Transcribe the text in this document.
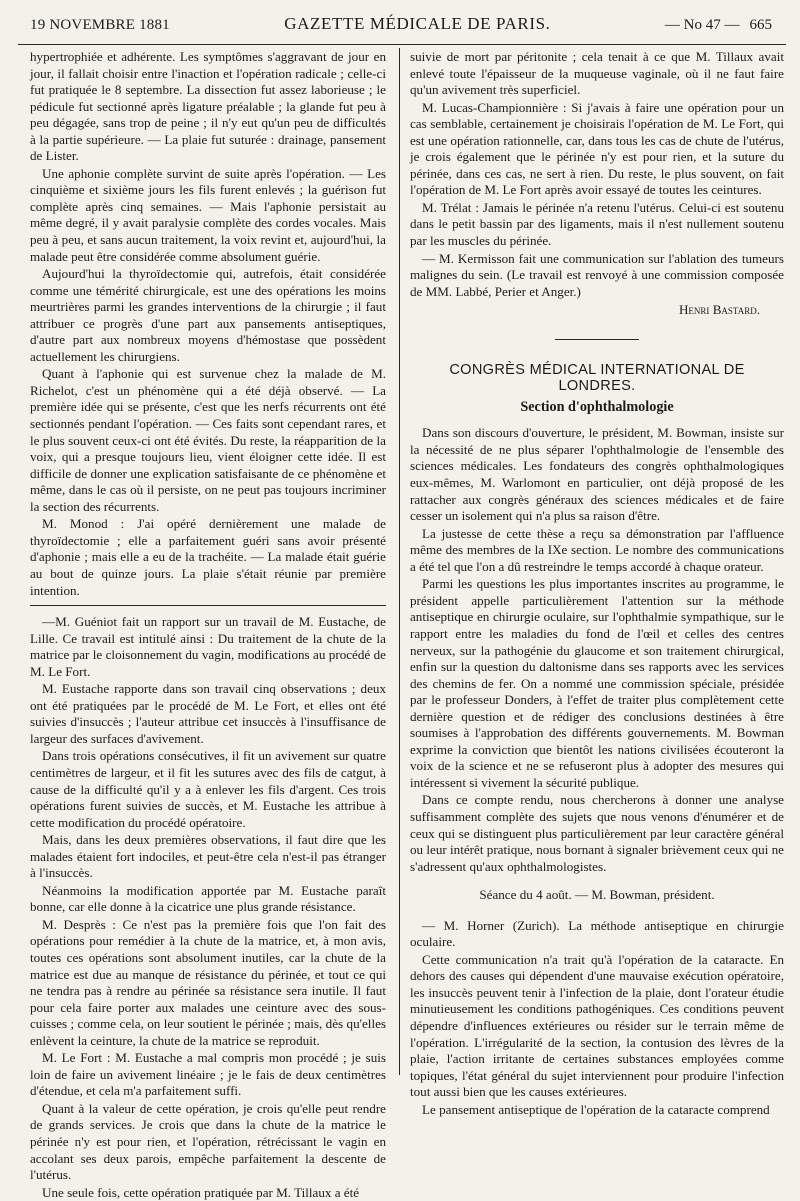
19 NOVEMBRE 1881	GAZETTE MÉDICALE DE PARIS.	— No 47 — 665

hypertrophiée et adhérente. Les symptômes s'aggravant de jour en jour, il fallait choisir entre l'inaction et l'opération radicale ; celle-ci fut pratiquée le 8 septembre. La dissection fut assez laborieuse ; le pédicule fut sectionné après ligature préalable ; la glande fut peu à peu dégagée, sans trop de peine ; il n'y eut qu'un peu de difficultés à la partie supérieure. — La plaie fut suturée : drainage, pansement de Lister.

Une aphonie complète survint de suite après l'opération. — Les cinquième et sixième jours les fils furent enlevés ; la guérison fut complète après cinq semaines. — Mais l'aphonie persistait au même degré, il y avait paralysie complète des cordes vocales. Mais peu à peu, et sans aucun traitement, la voix revint et, aujourd'hui, la malade peut être considérée comme absolument guérie.

Aujourd'hui la thyroïdectomie qui, autrefois, était considérée comme une témérité chirurgicale, est une des opérations les moins meurtrières parmi les grandes interventions de la chirurgie ; il faut attribuer ce progrès d'une part aux pansements antiseptiques, d'autre part aux nombreux moyens d'hémostase que possèdent actuellement les chirurgiens.

Quant à l'aphonie qui est survenue chez la malade de M. Richelot, c'est un phénomène qui a été déjà observé. — La première idée qui se présente, c'est que les nerfs récurrents ont été sectionnés pendant l'opération. — Ces faits sont cependant rares, et le plus souvent ceux-ci ont été évités. Du reste, la réapparition de la voix, qui a presque toujours lieu, vient éloigner cette idée. Il est difficile de donner une explication satisfaisante de ce phénomène et même, dans le cas où il persiste, on ne peut pas toujours incriminer la section des récurrents.

M. Monod : J'ai opéré dernièrement une malade de thyroïdectomie ; elle a parfaitement guéri sans avoir présenté d'aphonie ; mais elle a eu de la trachéite. — La malade était guérie au bout de quinze jours. La plaie s'était réunie par première intention.

—M. Guéniot fait un rapport sur un travail de M. Eustache, de Lille. Ce travail est intitulé ainsi : Du traitement de la chute de la matrice par le cloisonnement du vagin, modifications au procédé de M. Le Fort.

M. Eustache rapporte dans son travail cinq observations ; deux ont été pratiquées par le procédé de M. Le Fort, et elles ont été suivies d'insuccès ; l'auteur attribue cet insuccès à l'insuffisance de largeur des surfaces d'avivement.

Dans trois opérations consécutives, il fit un avivement sur quatre centimètres de largeur, et il fit les sutures avec des fils de catgut, à cause de la difficulté qu'il y a à enlever les fils d'argent. Ces trois opérations furent suivies de succès, et M. Eustache les attribue à cette modification du procédé opératoire.

Mais, dans les deux premières observations, il faut dire que les malades étaient fort indociles, et peut-être cela n'est-il pas étranger à l'insuccès.

Néanmoins la modification apportée par M. Eustache paraît bonne, car elle donne à la cicatrice une plus grande résistance.

M. Desprès : Ce n'est pas la première fois que l'on fait des opérations pour remédier à la chute de la matrice, et, à mon avis, toutes ces opérations sont absolument inutiles, car la chute de la matrice est due au manque de résistance du périnée, et tout ce qui ne tendra pas à rendre au périnée sa résistance sera inutile. Il faut pour cela faire porter aux malades une ceinture avec des sous-cuisses ; comme cela, on leur soutient le périnée ; mais, dès qu'elles enlèvent la ceinture, la chute de la matrice se reproduit.

M. Le Fort : M. Eustache a mal compris mon procédé ; je suis loin de faire un avivement linéaire ; je le fais de deux centimètres d'étendue, et cela m'a parfaitement suffi.

Quant à la valeur de cette opération, je crois qu'elle peut rendre de grands services. Je crois que dans la chute de la matrice le périnée n'y est pour rien, et l'opération, rétrécissant le vagin en accolant ses deux parois, empêche parfaitement la descente de l'utérus.

Une seule fois, cette opération pratiquée par M. Tillaux a été

suivie de mort par péritonite ; cela tenait à ce que M. Tillaux avait enlevé toute l'épaisseur de la muqueuse vaginale, où il ne faut faire qu'un avivement très superficiel.

M. Lucas-Championnière : Si j'avais à faire une opération pour un cas semblable, certainement je choisirais l'opération de M. Le Fort, qui est une opération rationnelle, car, dans tous les cas de chute de l'utérus, je crois également que le périnée n'y est pour rien, et la suture du périnée, dans ces cas, ne sert à rien. Du reste, le plus souvent, on fait l'opération de M. Le Fort après avoir essayé de toutes les ceintures.

M. Trélat : Jamais le périnée n'a retenu l'utérus. Celui-ci est soutenu dans le petit bassin par des ligaments, mais il n'est nullement soutenu par les muscles du périnée.

— M. Kermisson fait une communication sur l'ablation des tumeurs malignes du sein. (Le travail est renvoyé à une commission composée de MM. Labbé, Perier et Anger.)

Henri Bastard.
CONGRÈS MÉDICAL INTERNATIONAL DE LONDRES.
Section d'ophthalmologie

Dans son discours d'ouverture, le président, M. Bowman, insiste sur la nécessité de ne plus séparer l'ophthalmologie de l'ensemble des sciences médicales. Les fondateurs des congrès ophthalmologiques eux-mêmes, M. Warlomont en particulier, ont déjà proposé de les rattacher aux congrès généraux des sciences médicales et de faire cesser un isolement qui n'a plus sa raison d'être.

La justesse de cette thèse a reçu sa démonstration par l'affluence même des membres de la IXe section. Le nombre des communications a été tel que l'on a dû restreindre le temps accordé à chaque orateur.

Parmi les questions les plus importantes inscrites au programme, le président appelle particulièrement l'attention sur la méthode antiseptique en chirurgie oculaire, sur l'ophthalmie sympathique, sur le rapport entre les maladies du fond de l'œil et celles des centres nerveux, sur la pathogénie du glaucome et son traitement chirurgical, enfin sur la question du daltonisme dans ses rapports avec les services des chemins de fer. On a nommé une commission spéciale, présidée par le professeur Donders, à l'effet de traiter plus complètement cette dernière question et de rédiger des conclusions destinées à être soumises à l'approbation des différents gouvernements. M. Bowman exprime la conviction que bientôt les nations civilisées écouteront la voix de la science et ne se refuseront plus à adopter des mesures qui intéressent si vivement la sécurité publique.

Dans ce compte rendu, nous chercherons à donner une analyse suffisamment complète des sujets que nous venons d'énumérer et de ceux qui se distinguent plus particulièrement par leur caractère général ou leur intérêt pratique, nous bornant à signaler brièvement ceux qui ne s'adressent qu'aux ophthalmologistes.

Séance du 4 août. — M. Bowman, président.

— M. Horner (Zurich). La méthode antiseptique en chirurgie oculaire.

Cette communication n'a trait qu'à l'opération de la cataracte. En dehors des causes qui dépendent d'une mauvaise exécution opératoire, les insuccès peuvent tenir à l'infection de la plaie, dont l'orateur étudie minutieusement les conditions pathogéniques. Ces conditions peuvent dépendre d'influences extérieures ou résider sur le terrain même de l'opération. L'irrégularité de la section, la contusion des lèvres de la plaie, l'action irritante de certaines substances employées comme topiques, l'état général du sujet interviennent pour produire l'infection tout aussi bien que les causes extérieures.

Le pansement antiseptique de l'opération de la cataracte comprend
